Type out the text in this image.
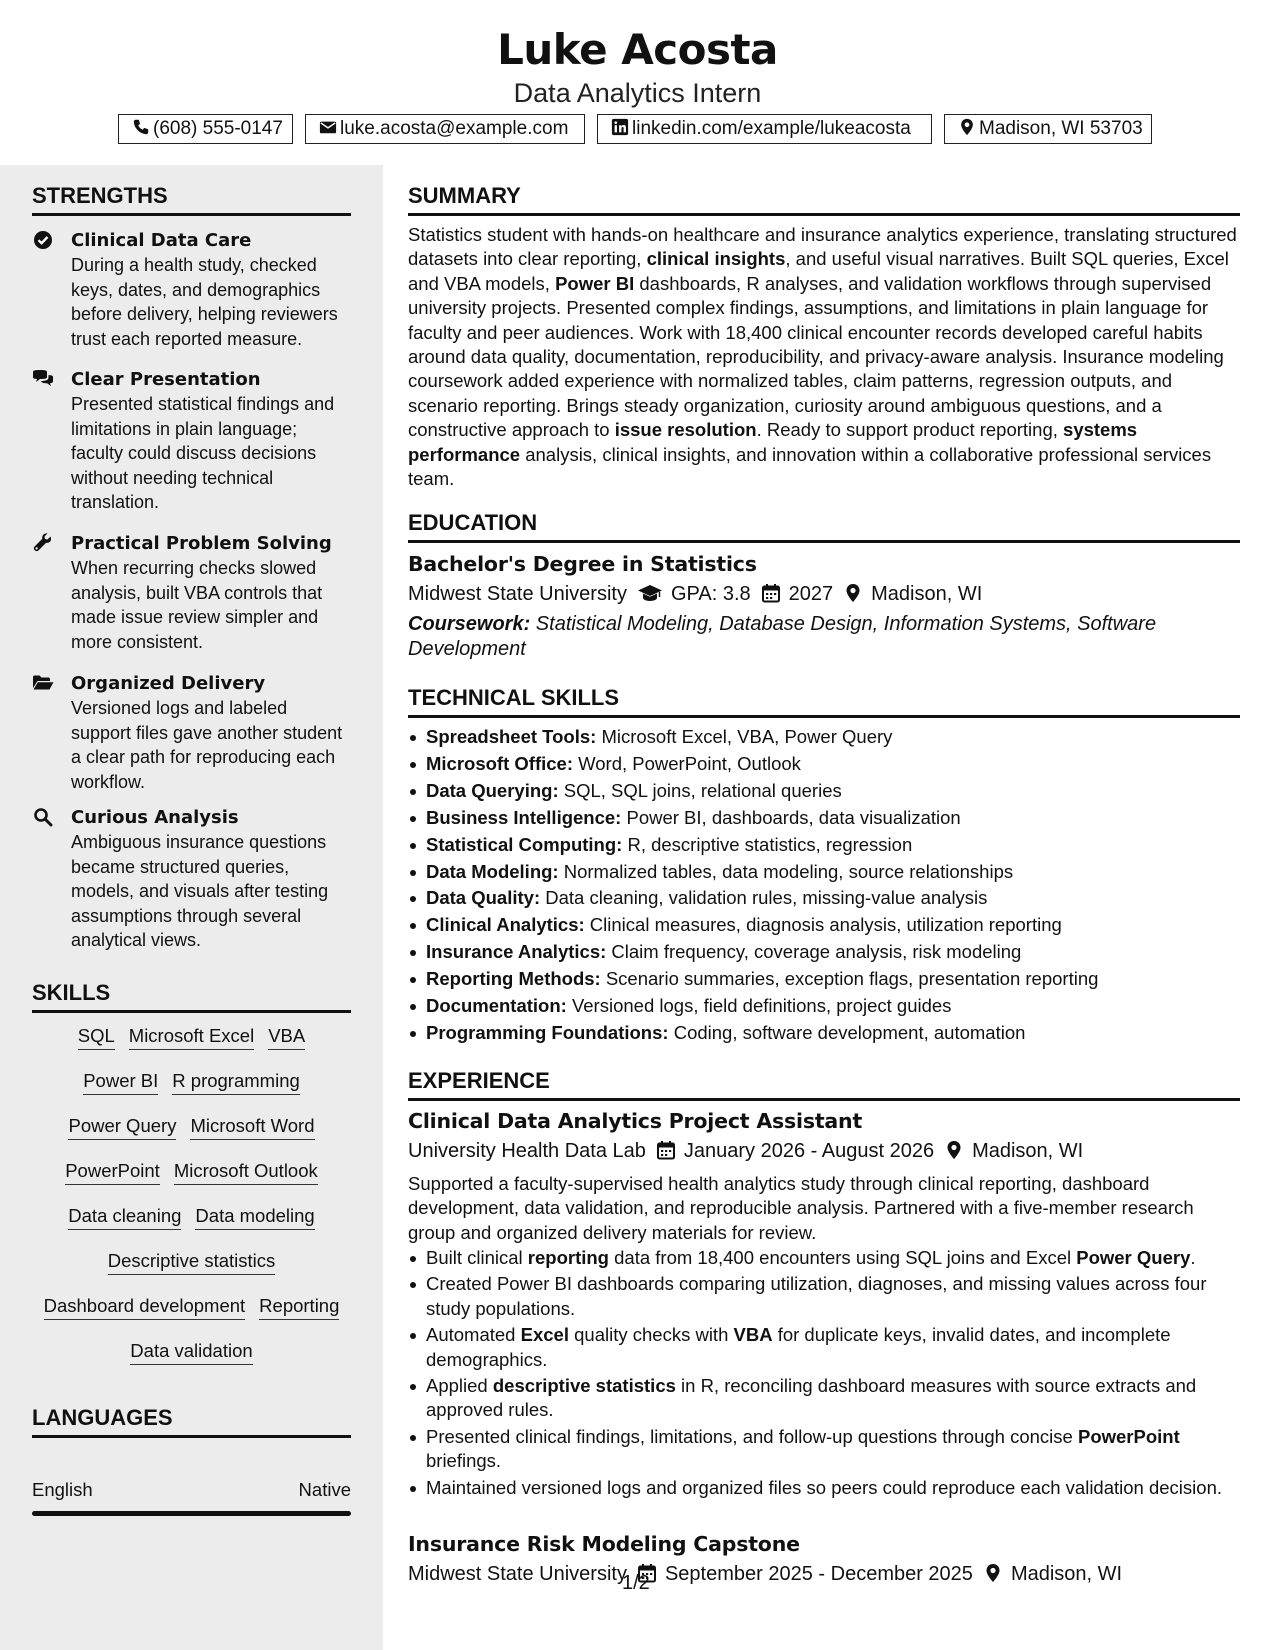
Luke Acosta
Data Analytics Intern
(608) 555-0147	luke.acosta@example.com	linkedin.com/example/lukeacosta	Madison, WI 53703
STRENGTHS
Clinical Data Care
During a health study, checked keys, dates, and demographics before delivery, helping reviewers trust each reported measure.
Clear Presentation
Presented statistical findings and limitations in plain language; faculty could discuss decisions without needing technical translation.
Practical Problem Solving
When recurring checks slowed analysis, built VBA controls that made issue review simpler and more consistent.
Organized Delivery
Versioned logs and labeled support files gave another student a clear path for reproducing each workflow.
Curious Analysis
Ambiguous insurance questions became structured queries, models, and visuals after testing assumptions through several analytical views.
SKILLS
LANGUAGES
SQL Microsoft Excel VBA
Power BI R programming
Power Query Microsoft Word
PowerPoint Microsoft Outlook
Data cleaning Data modeling
Descriptive statistics
Dashboard development Reporting
Data validation
English	Native
SUMMARY
Statistics student with hands-on healthcare and insurance analytics experience, translating structured datasets into clear reporting, clinical insights, and useful visual narratives. Built SQL queries, Excel and VBA models, Power BI dashboards, R analyses, and validation workflows through supervised university projects. Presented complex findings, assumptions, and limitations in plain language for faculty and peer audiences. Work with 18,400 clinical encounter records developed careful habits around data quality, documentation, reproducibility, and privacy-aware analysis. Insurance modeling coursework added experience with normalized tables, claim patterns, regression outputs, and scenario reporting. Brings steady organization, curiosity around ambiguous questions, and a constructive approach to issue resolution. Ready to support product reporting, systems performance analysis, clinical insights, and innovation within a collaborative professional services team.
EDUCATION
Bachelor's Degree in Statistics
Midwest State University GPA: 3.8 2027 Madison, WI
Coursework: Statistical Modeling, Database Design, Information Systems, Software Development
TECHNICAL SKILLS
Spreadsheet Tools: Microsoft Excel, VBA, Power Query
Microsoft Office: Word, PowerPoint, Outlook
Data Querying: SQL, SQL joins, relational queries
Business Intelligence: Power BI, dashboards, data visualization
Statistical Computing: R, descriptive statistics, regression
Data Modeling: Normalized tables, data modeling, source relationships
Data Quality: Data cleaning, validation rules, missing-value analysis
Clinical Analytics: Clinical measures, diagnosis analysis, utilization reporting
Insurance Analytics: Claim frequency, coverage analysis, risk modeling
Reporting Methods: Scenario summaries, exception flags, presentation reporting
Documentation: Versioned logs, field definitions, project guides
Programming Foundations: Coding, software development, automation
EXPERIENCE
Clinical Data Analytics Project Assistant
University Health Data Lab January 2026 - August 2026 Madison, WI
Supported a faculty-supervised health analytics study through clinical reporting, dashboard development, data validation, and reproducible analysis. Partnered with a five-member research group and organized delivery materials for review.
Built clinical reporting data from 18,400 encounters using SQL joins and Excel Power Query.
Created Power BI dashboards comparing utilization, diagnoses, and missing values across four study populations.
Automated Excel quality checks with VBA for duplicate keys, invalid dates, and incomplete demographics.
Applied descriptive statistics in R, reconciling dashboard measures with source extracts and approved rules.
Presented clinical findings, limitations, and follow-up questions through concise PowerPoint briefings.
Maintained versioned logs and organized files so peers could reproduce each validation decision.
Insurance Risk Modeling Capstone
Midwest State University September 2025 - December 2025 Madison, WI
1/2
